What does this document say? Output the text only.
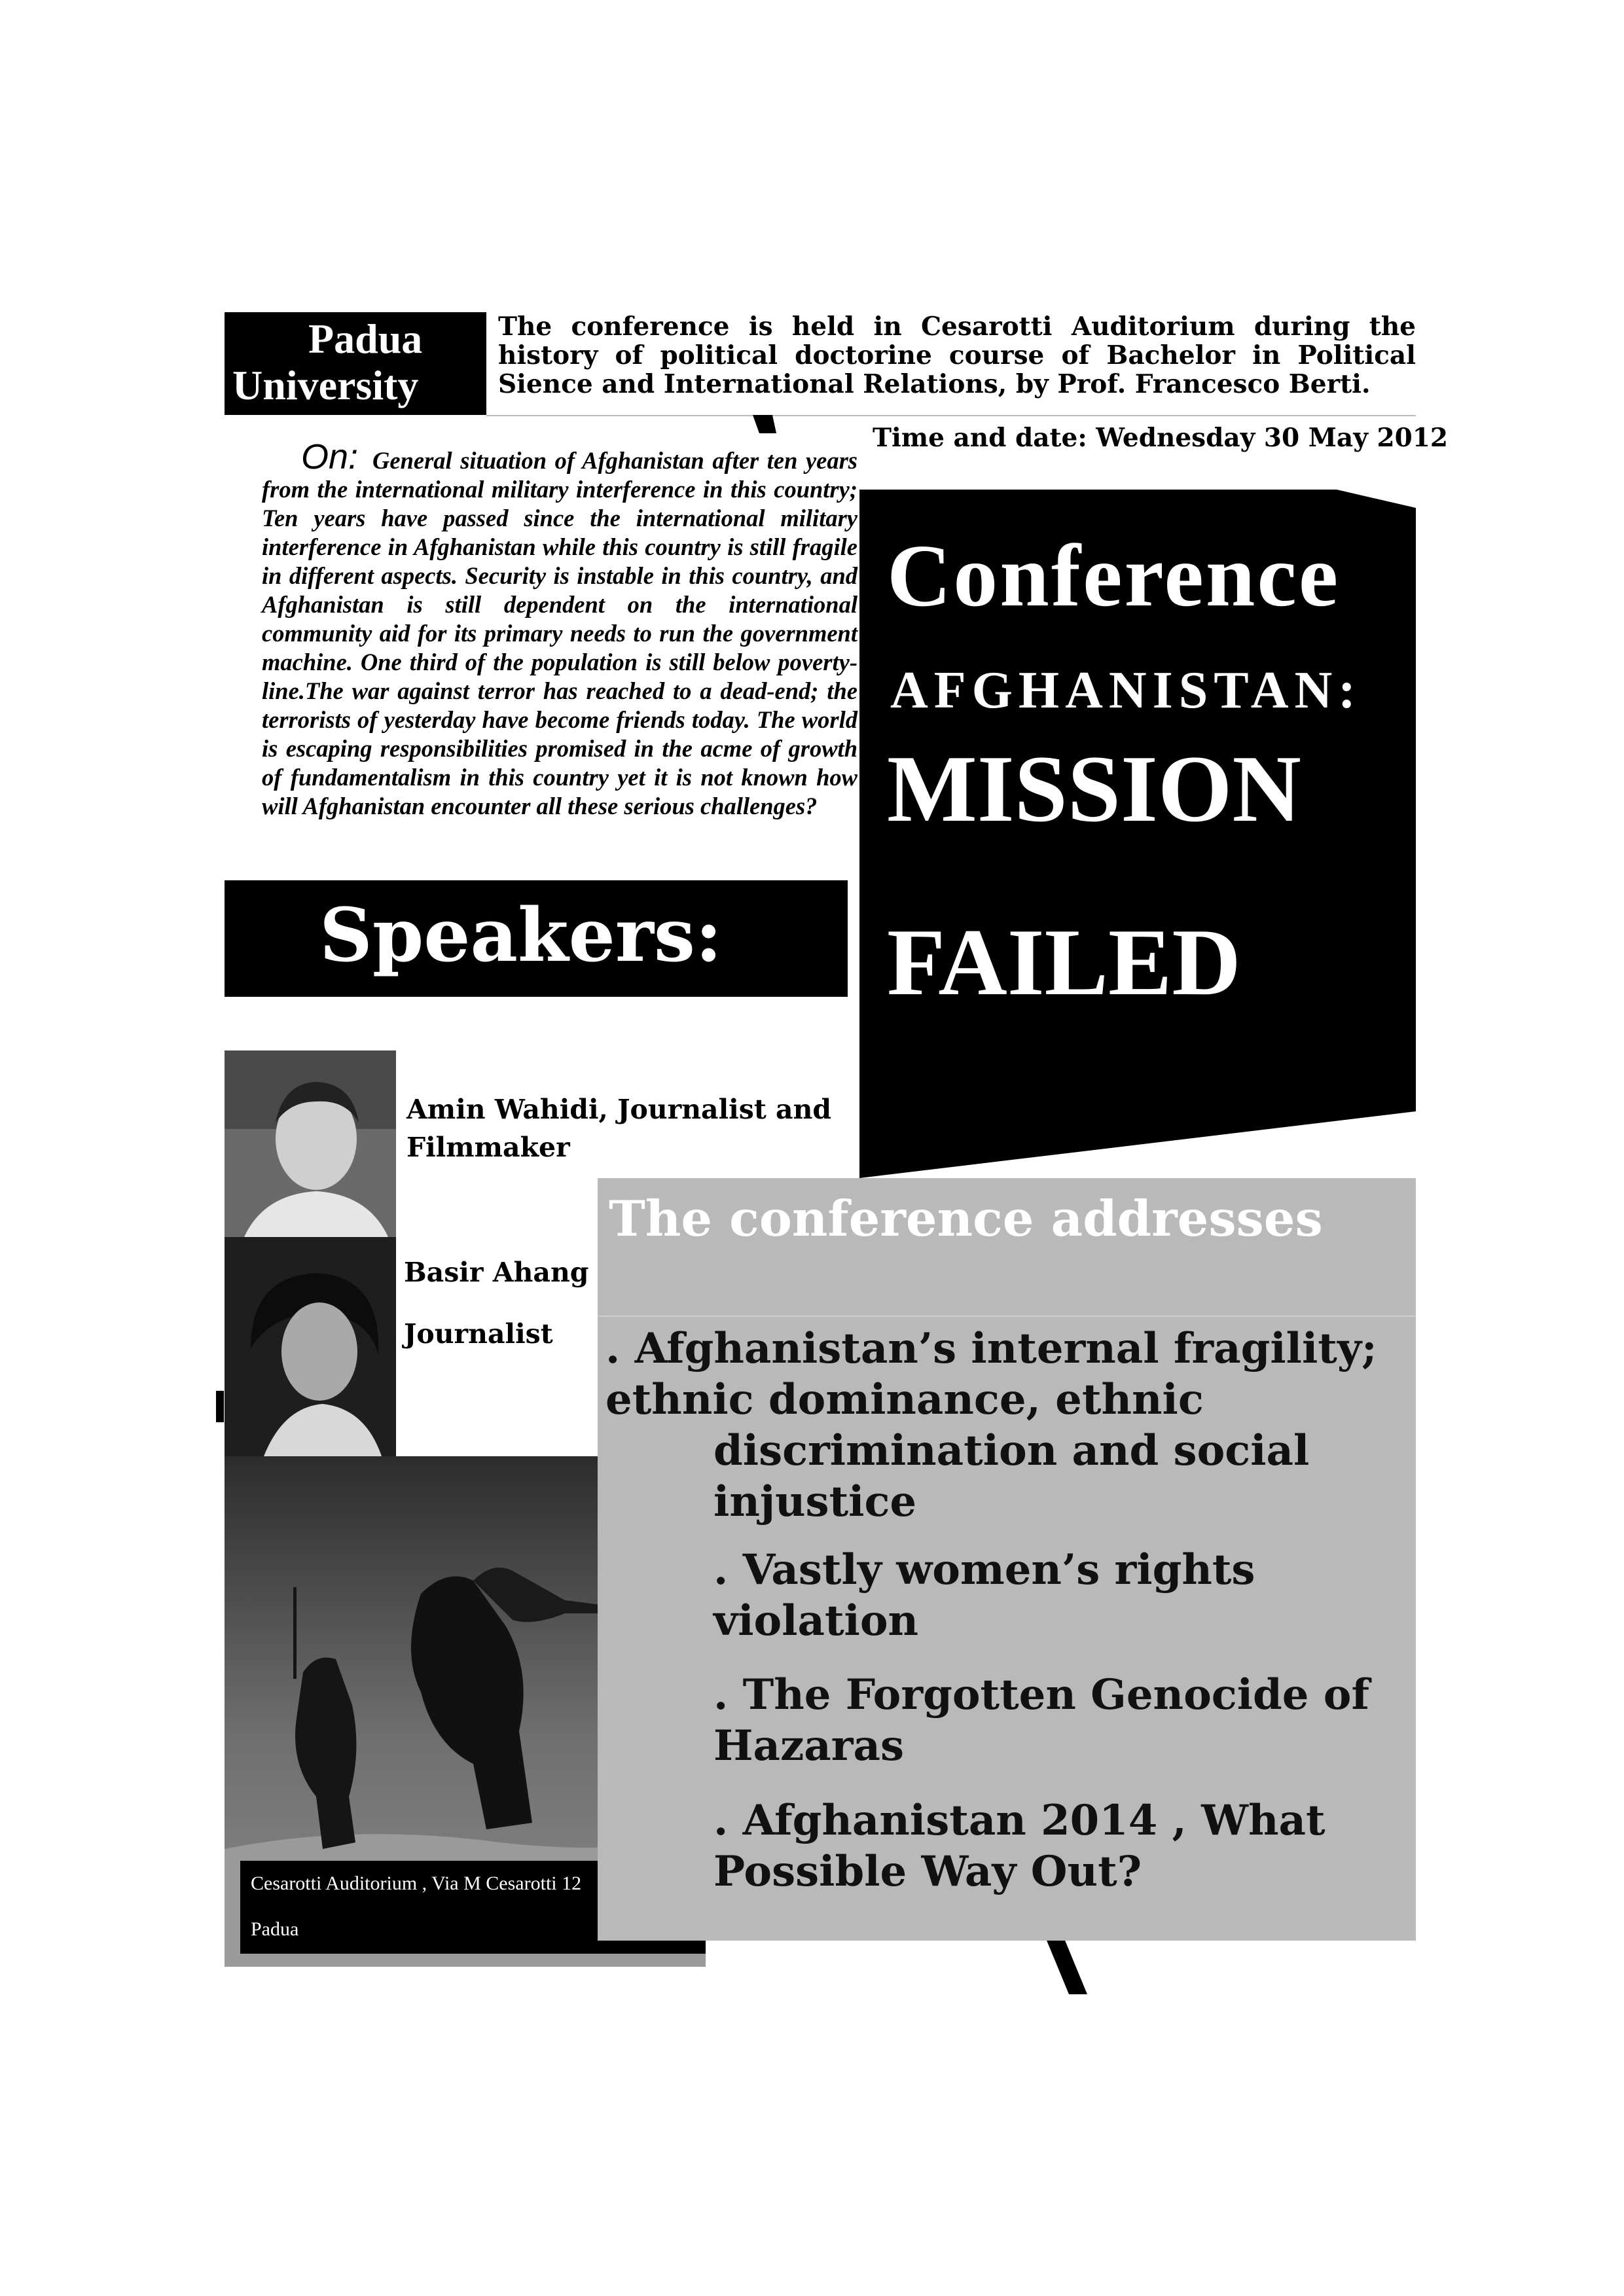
Padua
University
The conference is held in Cesarotti Auditorium during the history of political doctorine course of Bachelor in Political Sience and International Relations, by Prof. Francesco Berti.
Time and date: Wednesday 30 May 2012
On: General situation of Afghanistan after ten years from the international military interference in this country; Ten years have passed since the international military interference in Afghanistan while this country is still fragile in different aspects. Security is instable in this country, and Afghanistan is still dependent on the international community aid for its primary needs to run the government machine. One third of the population is still below poverty-line.The war against terror has reached to a dead-end; the terrorists of yesterday have become friends today. The world is escaping responsibilities promised in the acme of growth of fundamentalism in this country yet it is not known how will Afghanistan encounter all these serious challenges?
Conference
AFGHANISTAN:
MISSION
FAILED
Speakers:
Amin Wahidi, Journalist and
Filmmaker
Basir Ahang
Journalist
Cesarotti Auditorium , Via M Cesarotti 12
Padua
The conference addresses
. Afghanistan’s internal fragility; ethnic dominance, ethnic
discrimination and social injustice
. Vastly women’s rights violation
. The Forgotten Genocide of Hazaras
. Afghanistan 2014 , What Possible Way Out?
